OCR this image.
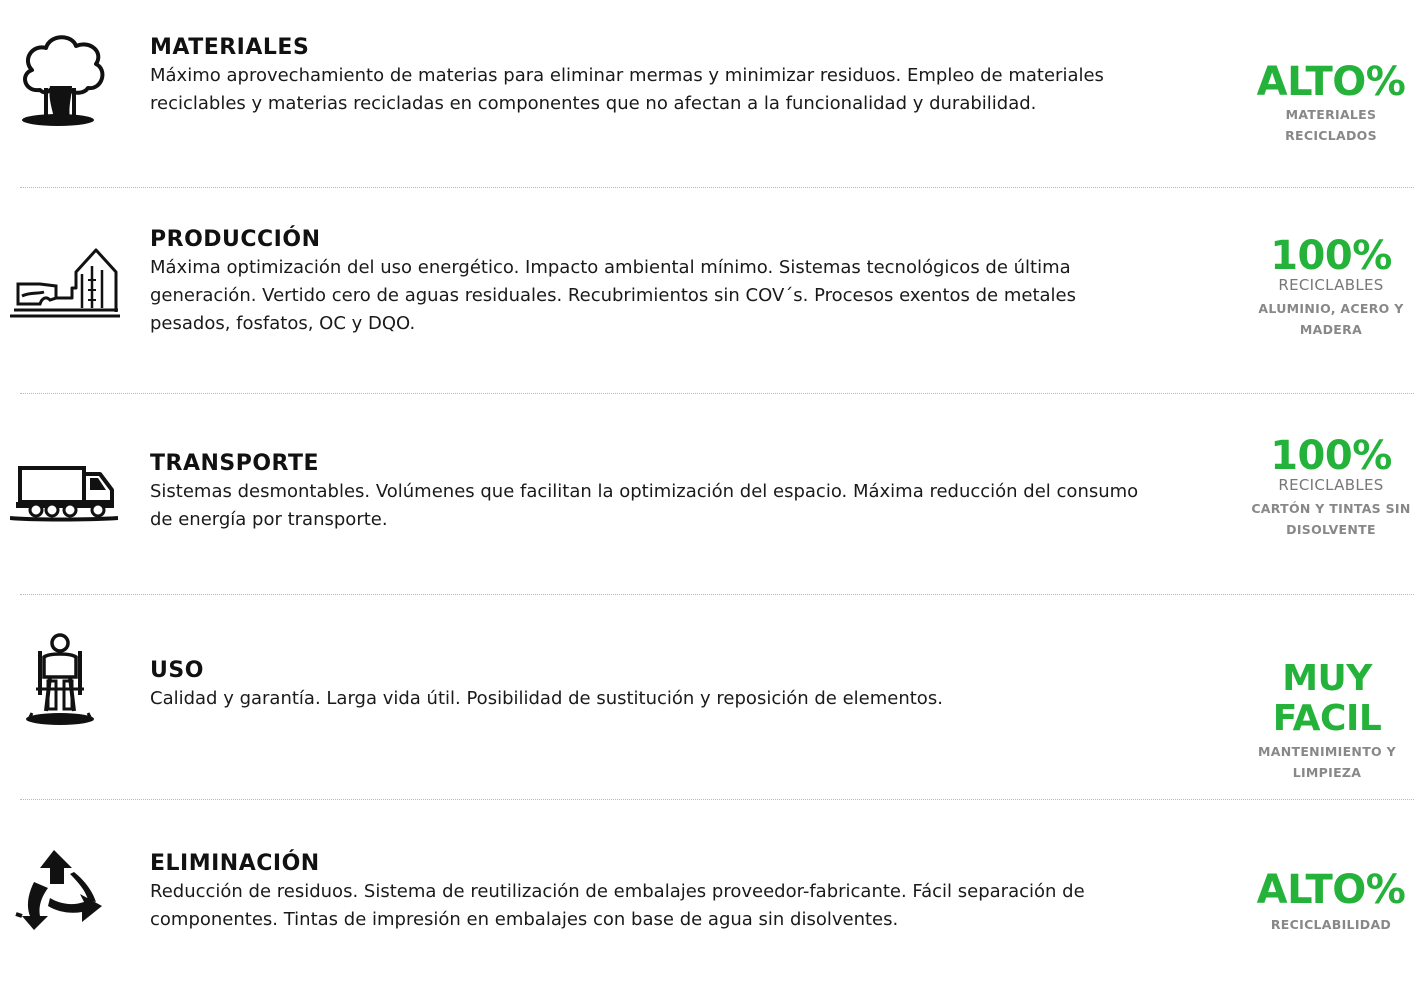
MATERIALES

Máximo aprovechamiento de materias para eliminar mermas y minimizar residuos. Empleo de materiales reciclables y materias recicladas en componentes que no afectan a la funcionalidad y durabilidad.	ALTO%
MATERIALES RECICLADOS
PRODUCCIÓN

Máxima optimización del uso energético. Impacto ambiental mínimo. Sistemas tecnológicos de última generación. Vertido cero de aguas residuales. Recubrimientos sin COV´s. Procesos exentos de metales pesados, fosfatos, OC y DQO.

100%
RECICLABLES
ALUMINIO, ACERO Y MADERA
TRANSPORTE

Sistemas desmontables. Volúmenes que facilitan la optimización del espacio. Máxima reducción del consumo de energía por transporte.

100%
RECICLABLES
CARTÓN Y TINTAS SIN DISOLVENTE
USO

Calidad y garantía. Larga vida útil. Posibilidad de sustitución y reposición de elementos.	MUY FACIL
MANTENIMIENTO Y LIMPIEZA
ELIMINACIÓN

Reducción de residuos. Sistema de reutilización de embalajes proveedor-fabricante. Fácil separación de componentes. Tintas de impresión en embalajes con base de agua sin disolventes.

ALTO%
RECICLABILIDAD
